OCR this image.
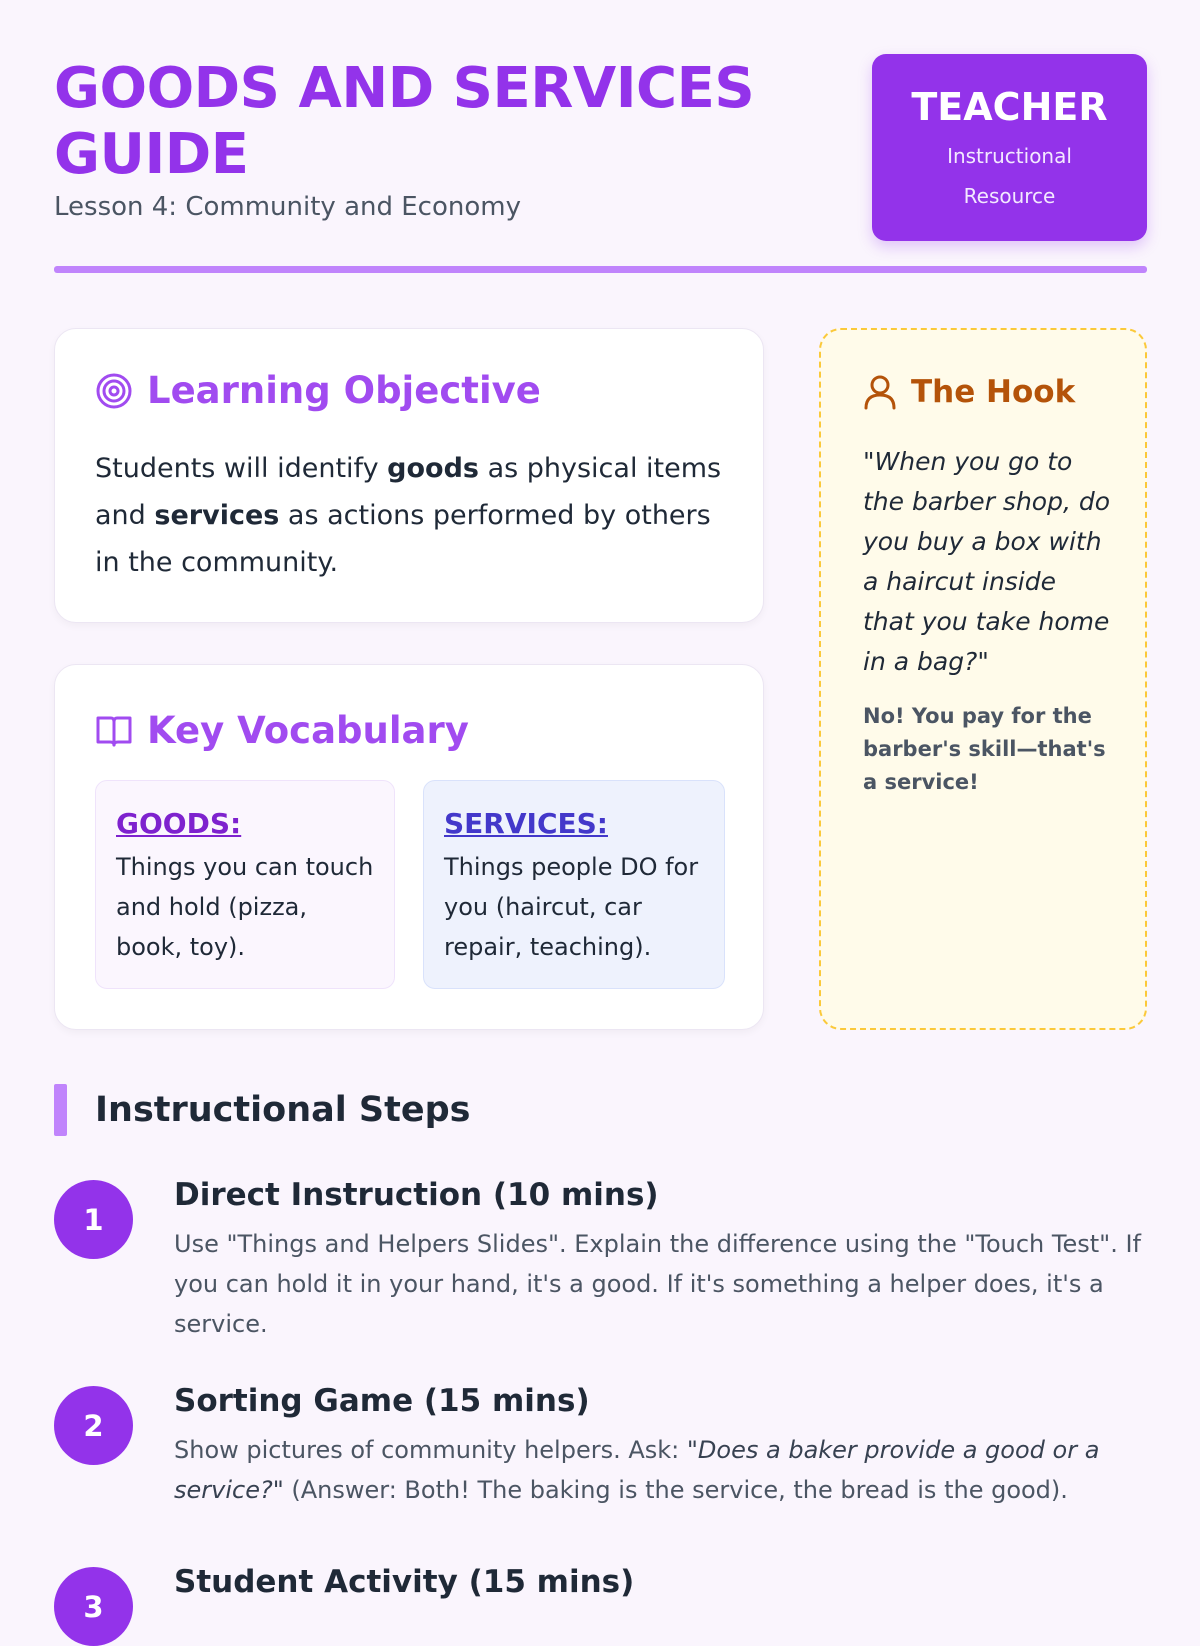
GOODS AND SERVICES GUIDE
Lesson 4: Community and Economy
TEACHER
Instructional Resource
Learning Objective

Students will identify goods as physical items and services as actions performed by others in the community.

Key Vocabulary
GOODS:
Things you can touch and hold (pizza, book, toy).
SERVICES:
Things people DO for you (haircut, car repair, teaching).
The Hook
"When you go to the barber shop, do you buy a box with a haircut inside that you take home in a bag?"
No! You pay for the barber's skill—that's a service!
Instructional Steps
1
Direct Instruction (10 mins)
Use "Things and Helpers Slides". Explain the difference using the "Touch Test". If you can hold it in your hand, it's a good. If it's something a helper does, it's a service.
2
Sorting Game (15 mins)
Show pictures of community helpers. Ask: "Does a baker provide a good or a service?" (Answer: Both! The baking is the service, the bread is the good).
3
Student Activity (15 mins)
